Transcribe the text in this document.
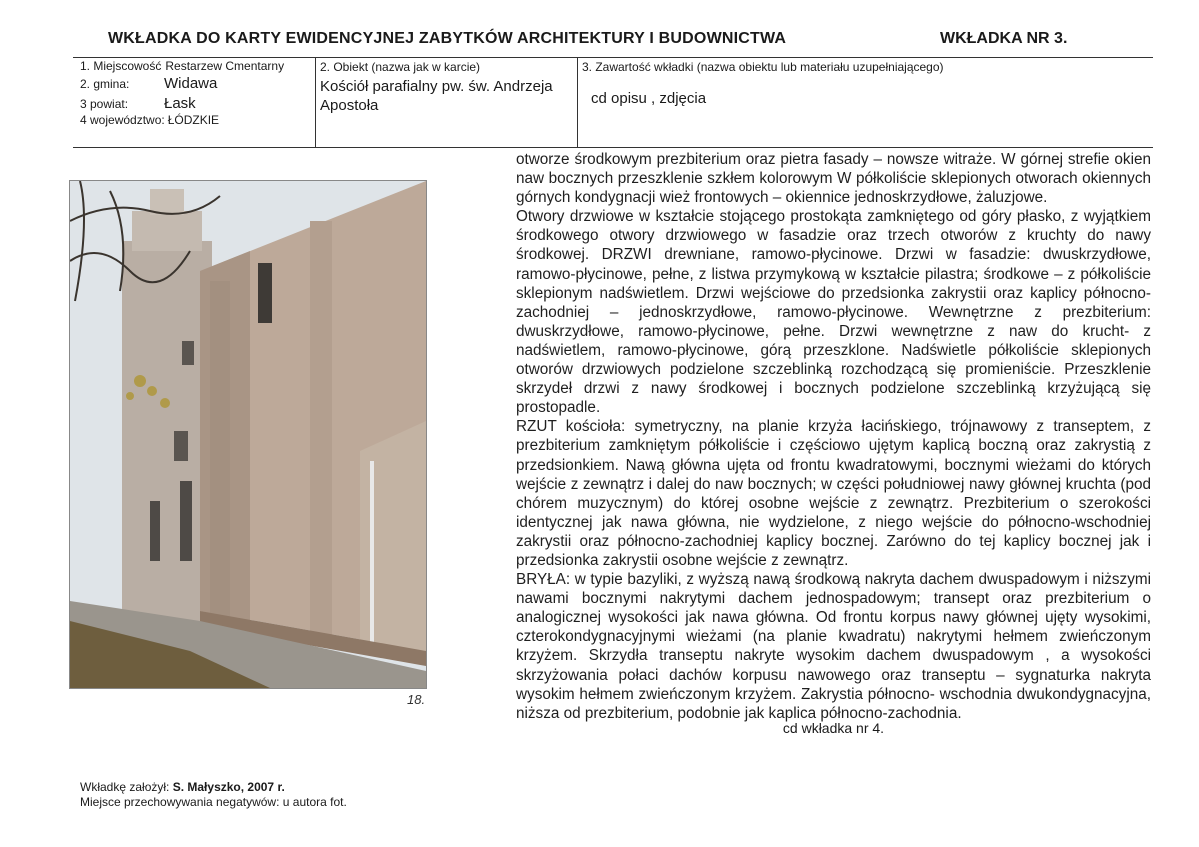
WKŁADKA DO KARTY EWIDENCYJNEJ ZABYTKÓW ARCHITEKTURY I BUDOWNICTWA	WKŁADKA NR 3.
1. Miejscowość Restarzew Cmentarny
2. gmina:	Widawa
3 powiat:	Łask
4 województwo: ŁÓDZKIE
2. Obiekt (nazwa jak w karcie)
Kościół parafialny pw. św. Andrzeja Apostoła
3. Zawartość wkładki (nazwa obiektu lub materiału uzupełniającego)
cd opisu , zdjęcia
18.

otworze środkowym prezbiterium oraz pietra fasady – nowsze witraże. W górnej strefie okien naw bocznych przeszklenie szkłem kolorowym W półkoliście sklepionych otworach okiennych górnych kondygnacji wież frontowych – okiennice jednoskrzydłowe, żaluzjowe.

Otwory drzwiowe w kształcie stojącego prostokąta zamkniętego od góry płasko, z wyjątkiem środkowego otwory drzwiowego w fasadzie oraz trzech otworów z kruchty do nawy środkowej. DRZWI drewniane, ramowo-płycinowe. Drzwi w fasadzie: dwuskrzydłowe, ramowo-płycinowe, pełne, z listwa przymykową w kształcie pilastra; środkowe – z półkoliście sklepionym nadświetlem. Drzwi wejściowe do przedsionka zakrystii oraz kaplicy północno-zachodniej – jednoskrzydłowe, ramowo-płycinowe. Wewnętrzne z prezbiterium: dwuskrzydłowe, ramowo-płycinowe, pełne. Drzwi wewnętrzne z naw do krucht- z nadświetlem, ramowo-płycinowe, górą przeszklone. Nadświetle półkoliście sklepionych otworów drzwiowych podzielone szczeblinką rozchodzącą się promieniście. Przeszklenie skrzydeł drzwi z nawy środkowej i bocznych podzielone szczeblinką krzyżującą się prostopadle.

RZUT kościoła: symetryczny, na planie krzyża łacińskiego, trójnawowy z transeptem, z prezbiterium zamkniętym półkoliście i częściowo ujętym kaplicą boczną oraz zakrystią z przedsionkiem. Nawą główna ujęta od frontu kwadratowymi, bocznymi wieżami do których wejście z zewnątrz i dalej do naw bocznych; w części południowej nawy głównej kruchta (pod chórem muzycznym) do której osobne wejście z zewnątrz. Prezbiterium o szerokości identycznej jak nawa główna, nie wydzielone, z niego wejście do północno-wschodniej zakrystii oraz północno-zachodniej kaplicy bocznej. Zarówno do tej kaplicy bocznej jak i przedsionka zakrystii osobne wejście z zewnątrz.

BRYŁA: w typie bazyliki, z wyższą nawą środkową nakryta dachem dwuspadowym i niższymi nawami bocznymi nakrytymi dachem jednospadowym; transept oraz prezbiterium o analogicznej wysokości jak nawa główna. Od frontu korpus nawy głównej ujęty wysokimi, czterokondygnacyjnymi wieżami (na planie kwadratu) nakrytymi hełmem zwieńczonym krzyżem. Skrzydła transeptu nakryte wysokim dachem dwuspadowym , a wysokości skrzyżowania połaci dachów korpusu nawowego oraz transeptu – sygnaturka nakryta wysokim hełmem zwieńczonym krzyżem. Zakrystia północno- wschodnia dwukondygnacyjna, niższa od prezbiterium, podobnie jak kaplica północno-zachodnia.

cd wkładka nr 4.
Wkładkę założył: S. Małyszko, 2007 r.
Miejsce przechowywania negatywów: u autora fot.
